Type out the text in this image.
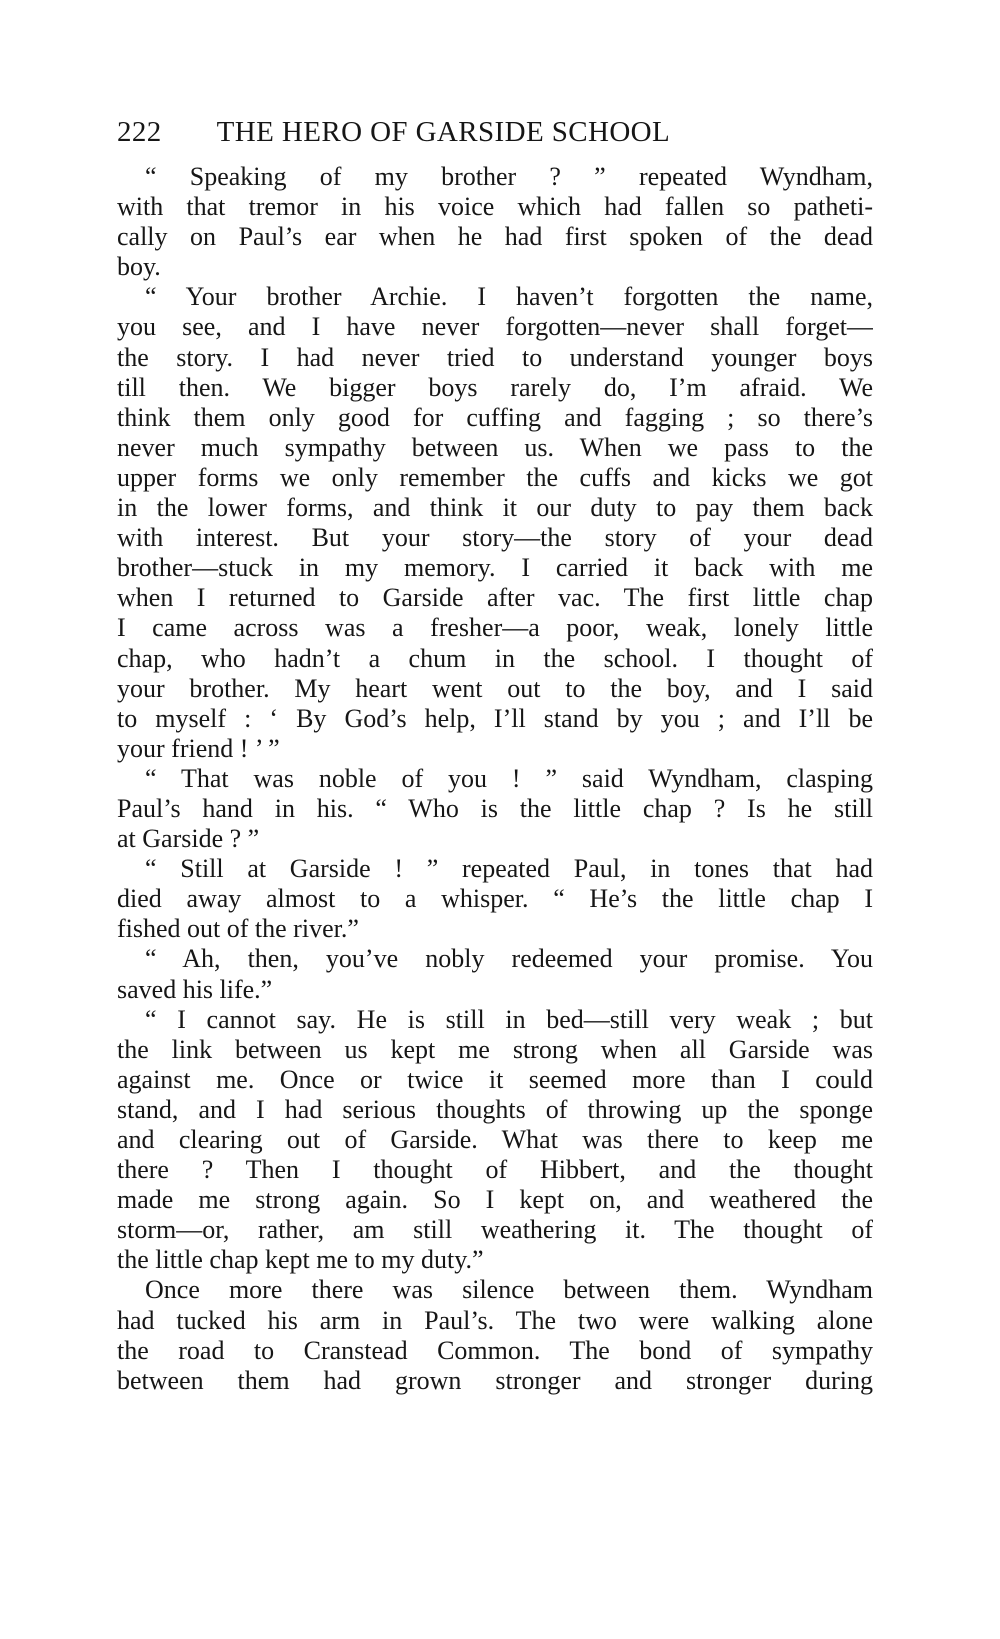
222 THE HERO OF GARSIDE SCHOOL
“ Speaking of my brother ? ” repeated Wyndham,
with that tremor in his voice which had fallen so patheti-
cally on Paul’s ear when he had first spoken of the dead
boy.
“ Your brother Archie. I haven’t forgotten the name,
you see, and I have never forgotten—never shall forget—
the story. I had never tried to understand younger boys
till then. We bigger boys rarely do, I’m afraid. We
think them only good for cuffing and fagging ; so there’s
never much sympathy between us. When we pass to the
upper forms we only remember the cuffs and kicks we got
in the lower forms, and think it our duty to pay them back
with interest. But your story—the story of your dead
brother—stuck in my memory. I carried it back with me
when I returned to Garside after vac. The first little chap
I came across was a fresher—a poor, weak, lonely little
chap, who hadn’t a chum in the school. I thought of
your brother. My heart went out to the boy, and I said
to myself : ‘ By God’s help, I’ll stand by you ; and I’ll be
your friend ! ’ ”
“ That was noble of you ! ” said Wyndham, clasping
Paul’s hand in his. “ Who is the little chap ? Is he still
at Garside ? ”
“ Still at Garside ! ” repeated Paul, in tones that had
died away almost to a whisper. “ He’s the little chap I
fished out of the river.”
“ Ah, then, you’ve nobly redeemed your promise. You
saved his life.”
“ I cannot say. He is still in bed—still very weak ; but
the link between us kept me strong when all Garside was
against me. Once or twice it seemed more than I could
stand, and I had serious thoughts of throwing up the sponge
and clearing out of Garside. What was there to keep me
there ? Then I thought of Hibbert, and the thought
made me strong again. So I kept on, and weathered the
storm—or, rather, am still weathering it. The thought of
the little chap kept me to my duty.”
Once more there was silence between them. Wyndham
had tucked his arm in Paul’s. The two were walking alone
the road to Cranstead Common. The bond of sympathy
between them had grown stronger and stronger during
